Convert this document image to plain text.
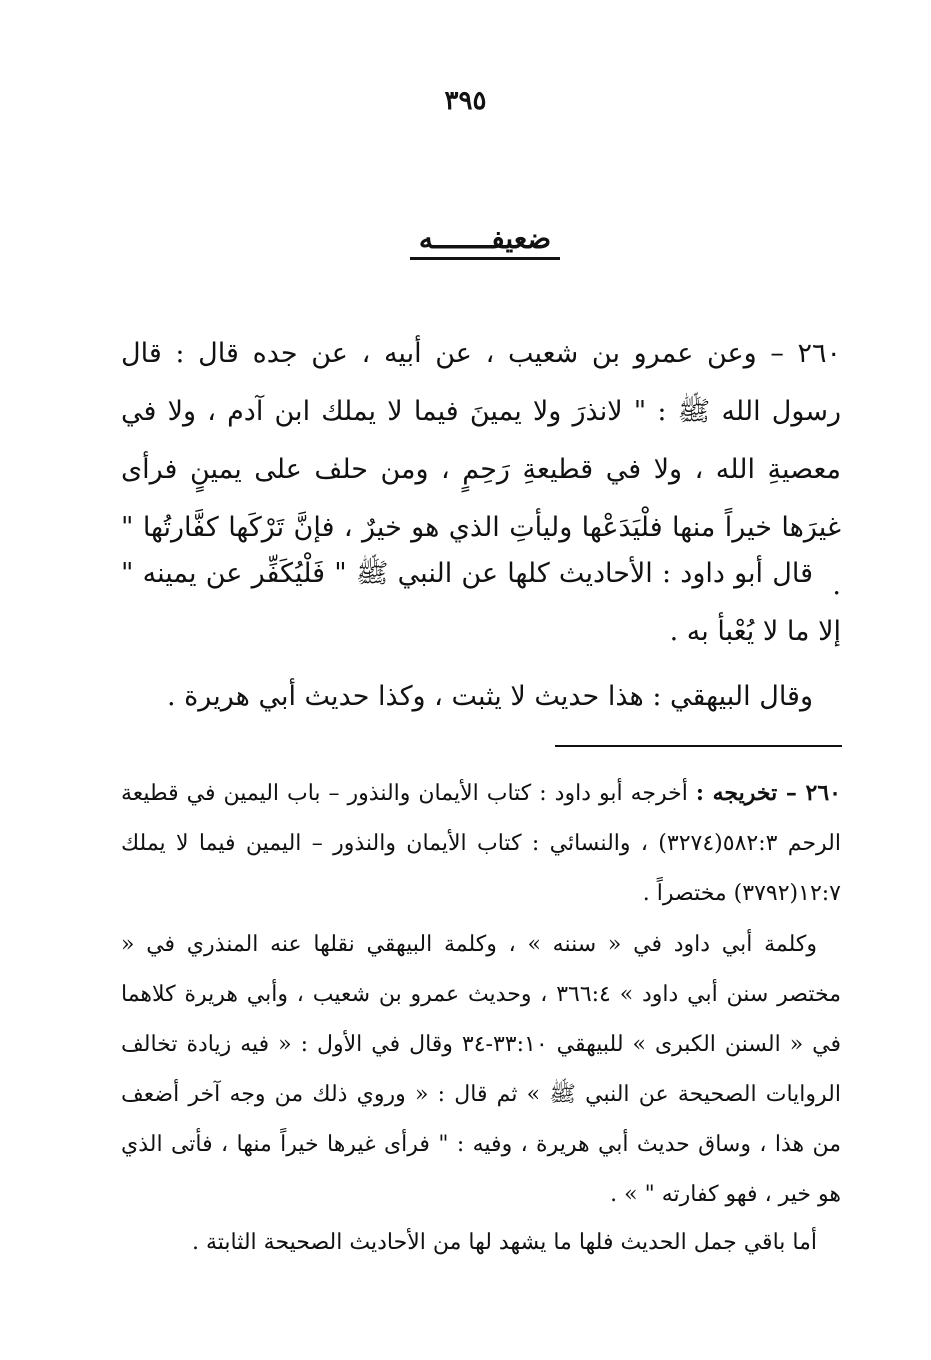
٣٩٥
ضعيفـــــــه

٢٦٠ – وعن عمرو بن شعيب ، عن أبيه ، عن جده قال : قال رسول الله ﷺ : " لانذرَ ولا يمينَ فيما لا يملك ابن آدم ، ولا في معصيةِ الله ، ولا في قطيعةِ رَحِمٍ ، ومن حلف على يمينٍ فرأى غيرَها خيراً منها فلْيَدَعْها وليأتِ الذي هو خيرٌ ، فإنَّ تَرْكَها كفَّارتُها " .

قال أبو داود : الأحاديث كلها عن النبي ﷺ " فَلْيُكَفِّر عن يمينه " إلا ما لا يُعْبأ به .

وقال البيهقي : هذا حديث لا يثبت ، وكذا حديث أبي هريرة .

٢٦٠ – تخريجه : أخرجه أبو داود : كتاب الأيمان والنذور – باب اليمين في قطيعة الرحم ٥٨٢:٣(٣٢٧٤) ، والنسائي : كتاب الأيمان والنذور – اليمين فيما لا يملك ١٢:٧(٣٧٩٢) مختصراً .

وكلمة أبي داود في « سننه » ، وكلمة البيهقي نقلها عنه المنذري في « مختصر سنن أبي داود » ٣٦٦:٤ ، وحديث عمرو بن شعيب ، وأبي هريرة كلاهما في « السنن الكبرى » للبيهقي ٣٣:١٠-٣٤ وقال في الأول : « فيه زيادة تخالف الروايات الصحيحة عن النبي ﷺ » ثم قال : « وروي ذلك من وجه آخر أضعف من هذا ، وساق حديث أبي هريرة ، وفيه : " فرأى غيرها خيراً منها ، فأتى الذي هو خير ، فهو كفارته " » .

أما باقي جمل الحديث فلها ما يشهد لها من الأحاديث الصحيحة الثابتة .
